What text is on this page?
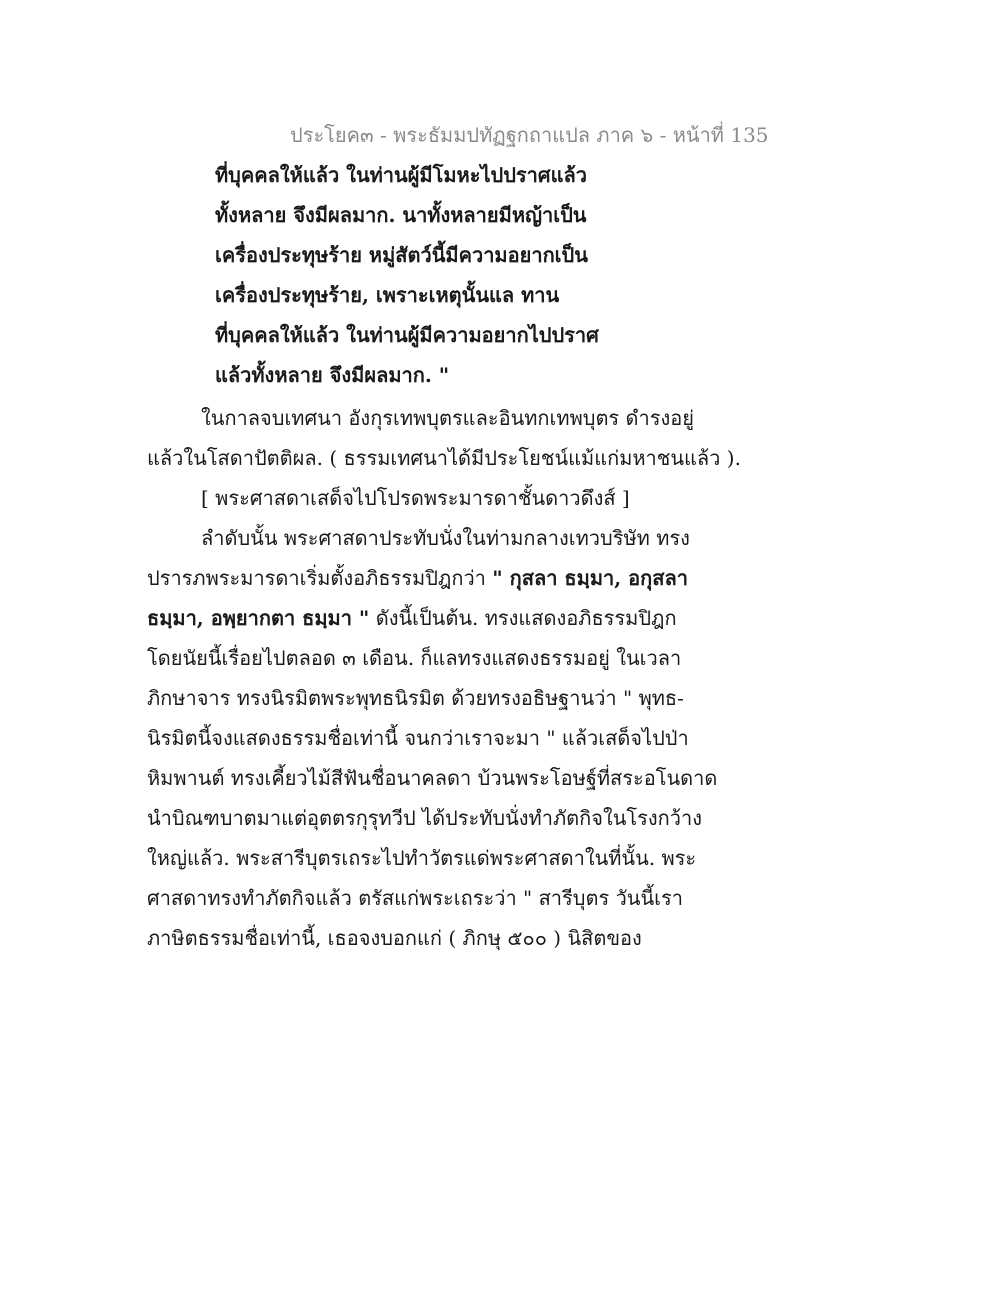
ประโยค๓ - พระธัมมปทัฏฐกถาแปล ภาค ๖ - หน้าที่ 135
ที่บุคคลให้แล้ว ในท่านผู้มีโมหะไปปราศแล้ว
ทั้งหลาย จึงมีผลมาก. นาทั้งหลายมีหญ้าเป็น
เครื่องประทุษร้าย หมู่สัตว์นี้มีความอยากเป็น
เครื่องประทุษร้าย, เพราะเหตุนั้นแล ทาน
ที่บุคคลให้แล้ว ในท่านผู้มีความอยากไปปราศ
แล้วทั้งหลาย จึงมีผลมาก. "
ในกาลจบเทศนา อังกุรเทพบุตรและอินทกเทพบุตร ดำรงอยู่
แล้วในโสดาปัตติผล. ( ธรรมเทศนาได้มีประโยชน์แม้แก่มหาชนแล้ว ).
[ พระศาสดาเสด็จไปโปรดพระมารดาชั้นดาวดึงส์ ]
ลำดับนั้น พระศาสดาประทับนั่งในท่ามกลางเทวบริษัท ทรง
ปรารภพระมารดาเริ่มตั้งอภิธรรมปิฎกว่า " กุสลา ธมฺมา, อกุสลา
ธมฺมา, อพฺยากตา ธมฺมา " ดังนี้เป็นต้น. ทรงแสดงอภิธรรมปิฎก
โดยนัยนี้เรื่อยไปตลอด ๓ เดือน. ก็แลทรงแสดงธรรมอยู่ ในเวลา
ภิกษาจาร ทรงนิรมิตพระพุทธนิรมิต ด้วยทรงอธิษฐานว่า " พุทธ-
นิรมิตนี้จงแสดงธรรมชื่อเท่านี้ จนกว่าเราจะมา " แล้วเสด็จไปป่า
หิมพานต์ ทรงเคี้ยวไม้สีฟันชื่อนาคลดา บ้วนพระโอษฐ์ที่สระอโนดาด
นำบิณฑบาตมาแต่อุตตรกุรุทวีป ได้ประทับนั่งทำภัตกิจในโรงกว้าง
ใหญ่แล้ว. พระสารีบุตรเถระไปทำวัตรแด่พระศาสดาในที่นั้น. พระ
ศาสดาทรงทำภัตกิจแล้ว ตรัสแก่พระเถระว่า " สารีบุตร วันนี้เรา
ภาษิตธรรมชื่อเท่านี้, เธอจงบอกแก่ ( ภิกษุ ๕๐๐ ) นิสิตของ
